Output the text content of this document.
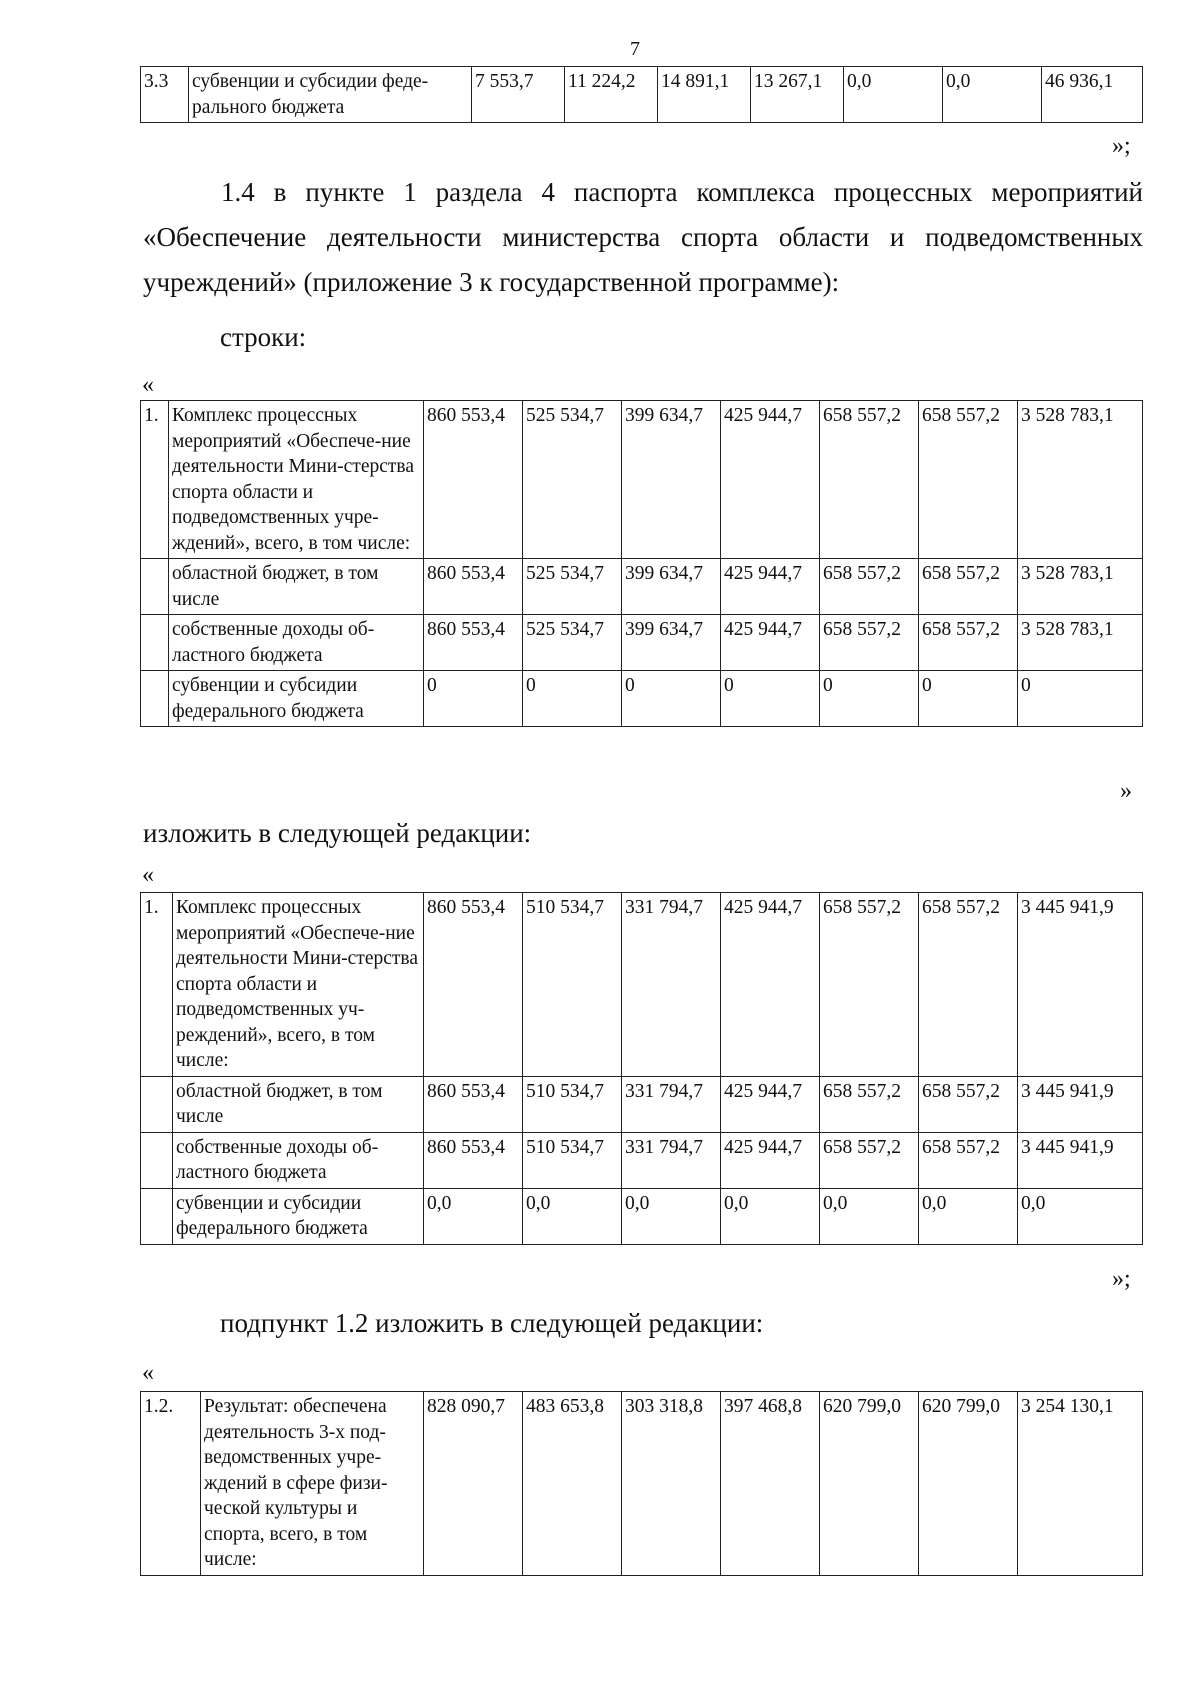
7
3.3	субвенции и субсидии феде-рального бюджета	7 553,7	11 224,2	14 891,1	13 267,1	0,0	0,0	46 936,1
»;
1.4 в пункте 1 раздела 4 паспорта комплекса процессных мероприятий «Обеспечение деятельности министерства спорта области и подведомственных учреждений» (приложение 3 к государственной программе):
строки:
«
1.	Комплекс процессных мероприятий «Обеспече-ние деятельности Мини-стерства спорта области и подведомственных учре-ждений», всего, в том числе:	860 553,4	525 534,7	399 634,7	425 944,7	658 557,2	658 557,2	3 528 783,1
	областной бюджет, в том числе	860 553,4	525 534,7	399 634,7	425 944,7	658 557,2	658 557,2	3 528 783,1
	собственные доходы об-ластного бюджета	860 553,4	525 534,7	399 634,7	425 944,7	658 557,2	658 557,2	3 528 783,1
	субвенции и субсидии федерального бюджета	0	0	0	0	0	0	0
»
изложить в следующей редакции:
«
1.	Комплекс процессных мероприятий «Обеспече-ние деятельности Мини-стерства спорта области и подведомственных уч-реждений», всего, в том числе:	860 553,4	510 534,7	331 794,7	425 944,7	658 557,2	658 557,2	3 445 941,9
	областной бюджет, в том числе	860 553,4	510 534,7	331 794,7	425 944,7	658 557,2	658 557,2	3 445 941,9
	собственные доходы об-ластного бюджета	860 553,4	510 534,7	331 794,7	425 944,7	658 557,2	658 557,2	3 445 941,9
	субвенции и субсидии федерального бюджета	0,0	0,0	0,0	0,0	0,0	0,0	0,0
»;
подпункт 1.2 изложить в следующей редакции:
«
1.2.	Результат: обеспечена деятельность 3-х под-ведомственных учре-ждений в сфере физи-ческой культуры и спорта, всего, в том числе:	828 090,7	483 653,8	303 318,8	397 468,8	620 799,0	620 799,0	3 254 130,1
